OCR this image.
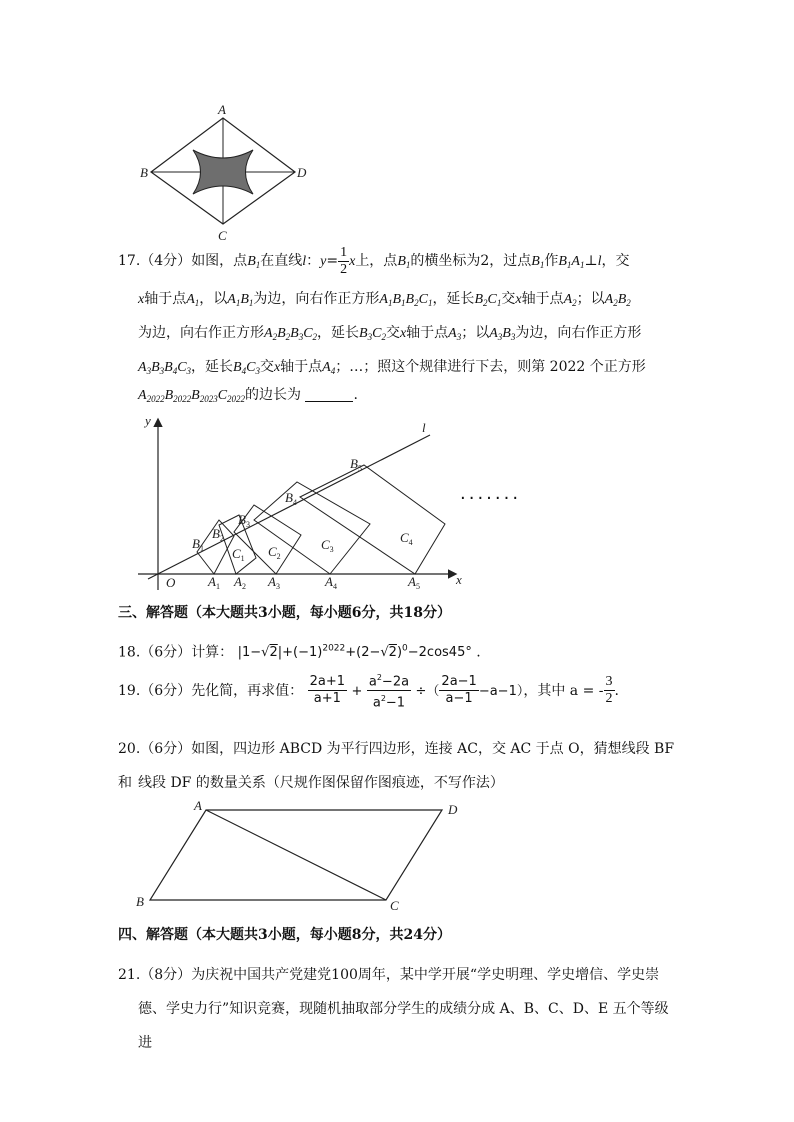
A
B
C
D
17.（4分）如图，点$B_1$在直线l：$y= \frac{1}{2}$ x上，点$B_1$的横坐标为2，过点$B_1$作$B_1A_1\perp l$，交
x轴于点$A_1$，以$A_1B_1$为边，向右作正方形$A_1B_1B_2C_1$，延长$B_2C_1$交x轴于点$A_2$；以$A_2B_2$
为边，向右作正方形$A_2B_2B_3C_2$，延长$B_3C_2$交x轴于点$A_3$；以$A_3B_3$为边，向右作正方形
$A_3B_3B_4C_3$，延长$B_4C_3$交x轴于点$A_4$；…；照这个规律进行下去，则第 2022 个正方形
$A_{2022}B_{2022}B_{2023}C_{2022}$的边长为	.
y
x
O
l
$B_1$
$B_2$
$B_3$
$B_4$
$B_5$
$C_1$ $C_2$
$C_3$
$C_4$
$A_1$ $A_2$ $A_3$	$A_4$	$A_5$
·······
三、解答题（本大题共3小题，每小题6分，共18分）
18.（6分）计算： $|1-√2|+(-1)^{2022}+(2-√2)^0-2\cos 45^\circ$ .
19.（6分）先化简，再求值： $\frac{2a+1}{a+1} + \frac{a^2-2a}{a^2-1}$ ÷（ $\frac{2a-1}{a-1} -a-1$），其中 a = - $\frac{3}{2}$ .
20.（6分）如图，四边形 ABCD 为平行四边形，连接 AC，交 AC 于点 O，猜想线段 BF 和 线段 DF 的数量关系（尺规作图保留作图痕迹，不写作法）
A
B	C
D
四、解答题（本大题共3小题，每小题8分，共24分）
21.（8分）为庆祝中国共产党建党100周年，某中学开展“学史明理、学史增信、学史崇
德、学史力行”知识竞赛，现随机抽取部分学生的成绩分成 A、B、C、D、E 五个等级进
